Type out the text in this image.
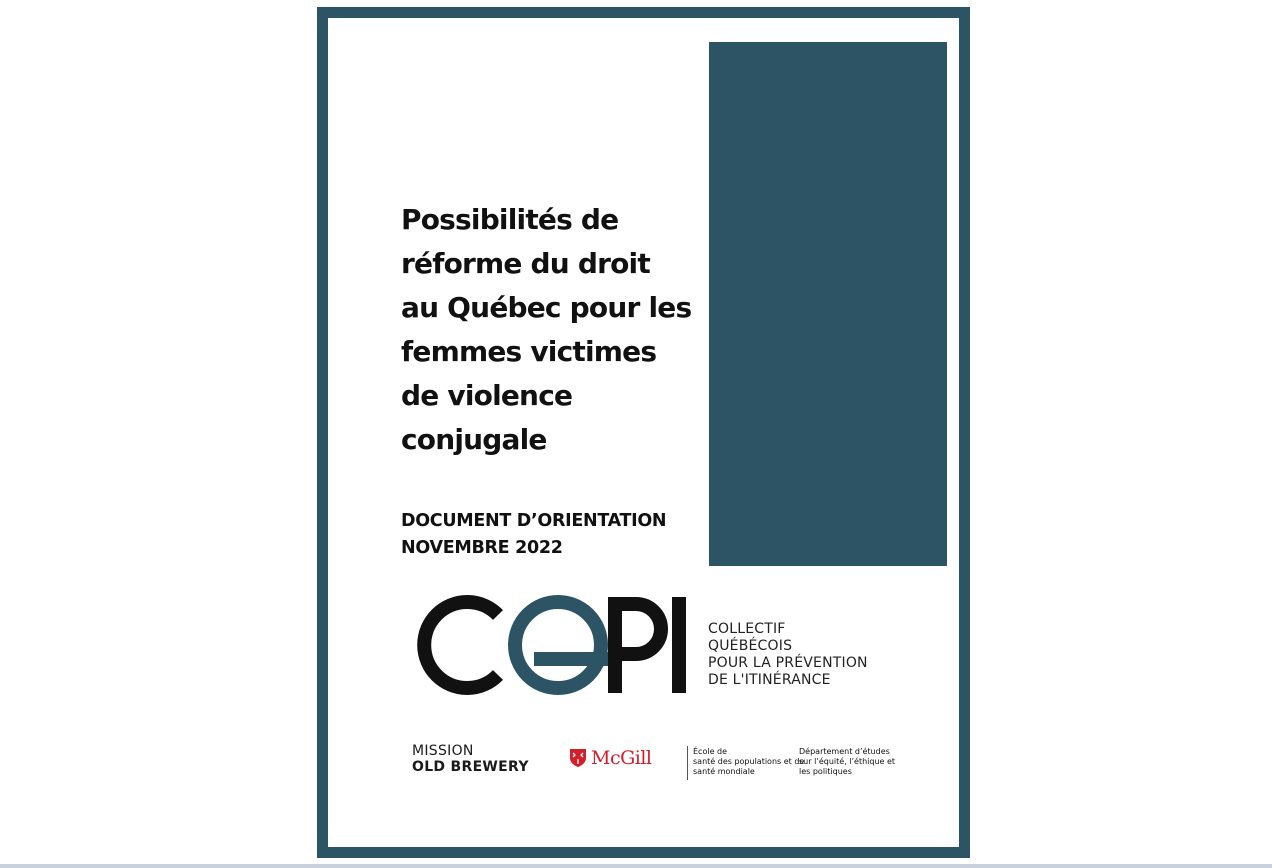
Possibilités de
réforme du droit
au Québec pour les
femmes victimes
de violence
conjugale
DOCUMENT D’ORIENTATION
NOVEMBRE 2022
COLLECTIF
QUÉBÉCOIS
POUR LA PRÉVENTION
DE L'ITINÉRANCE
MISSION
OLD BREWERY	McGill	École de
santé des populations et de
santé mondiale
Département d’études
sur l’équité, l’éthique et
les politiques
